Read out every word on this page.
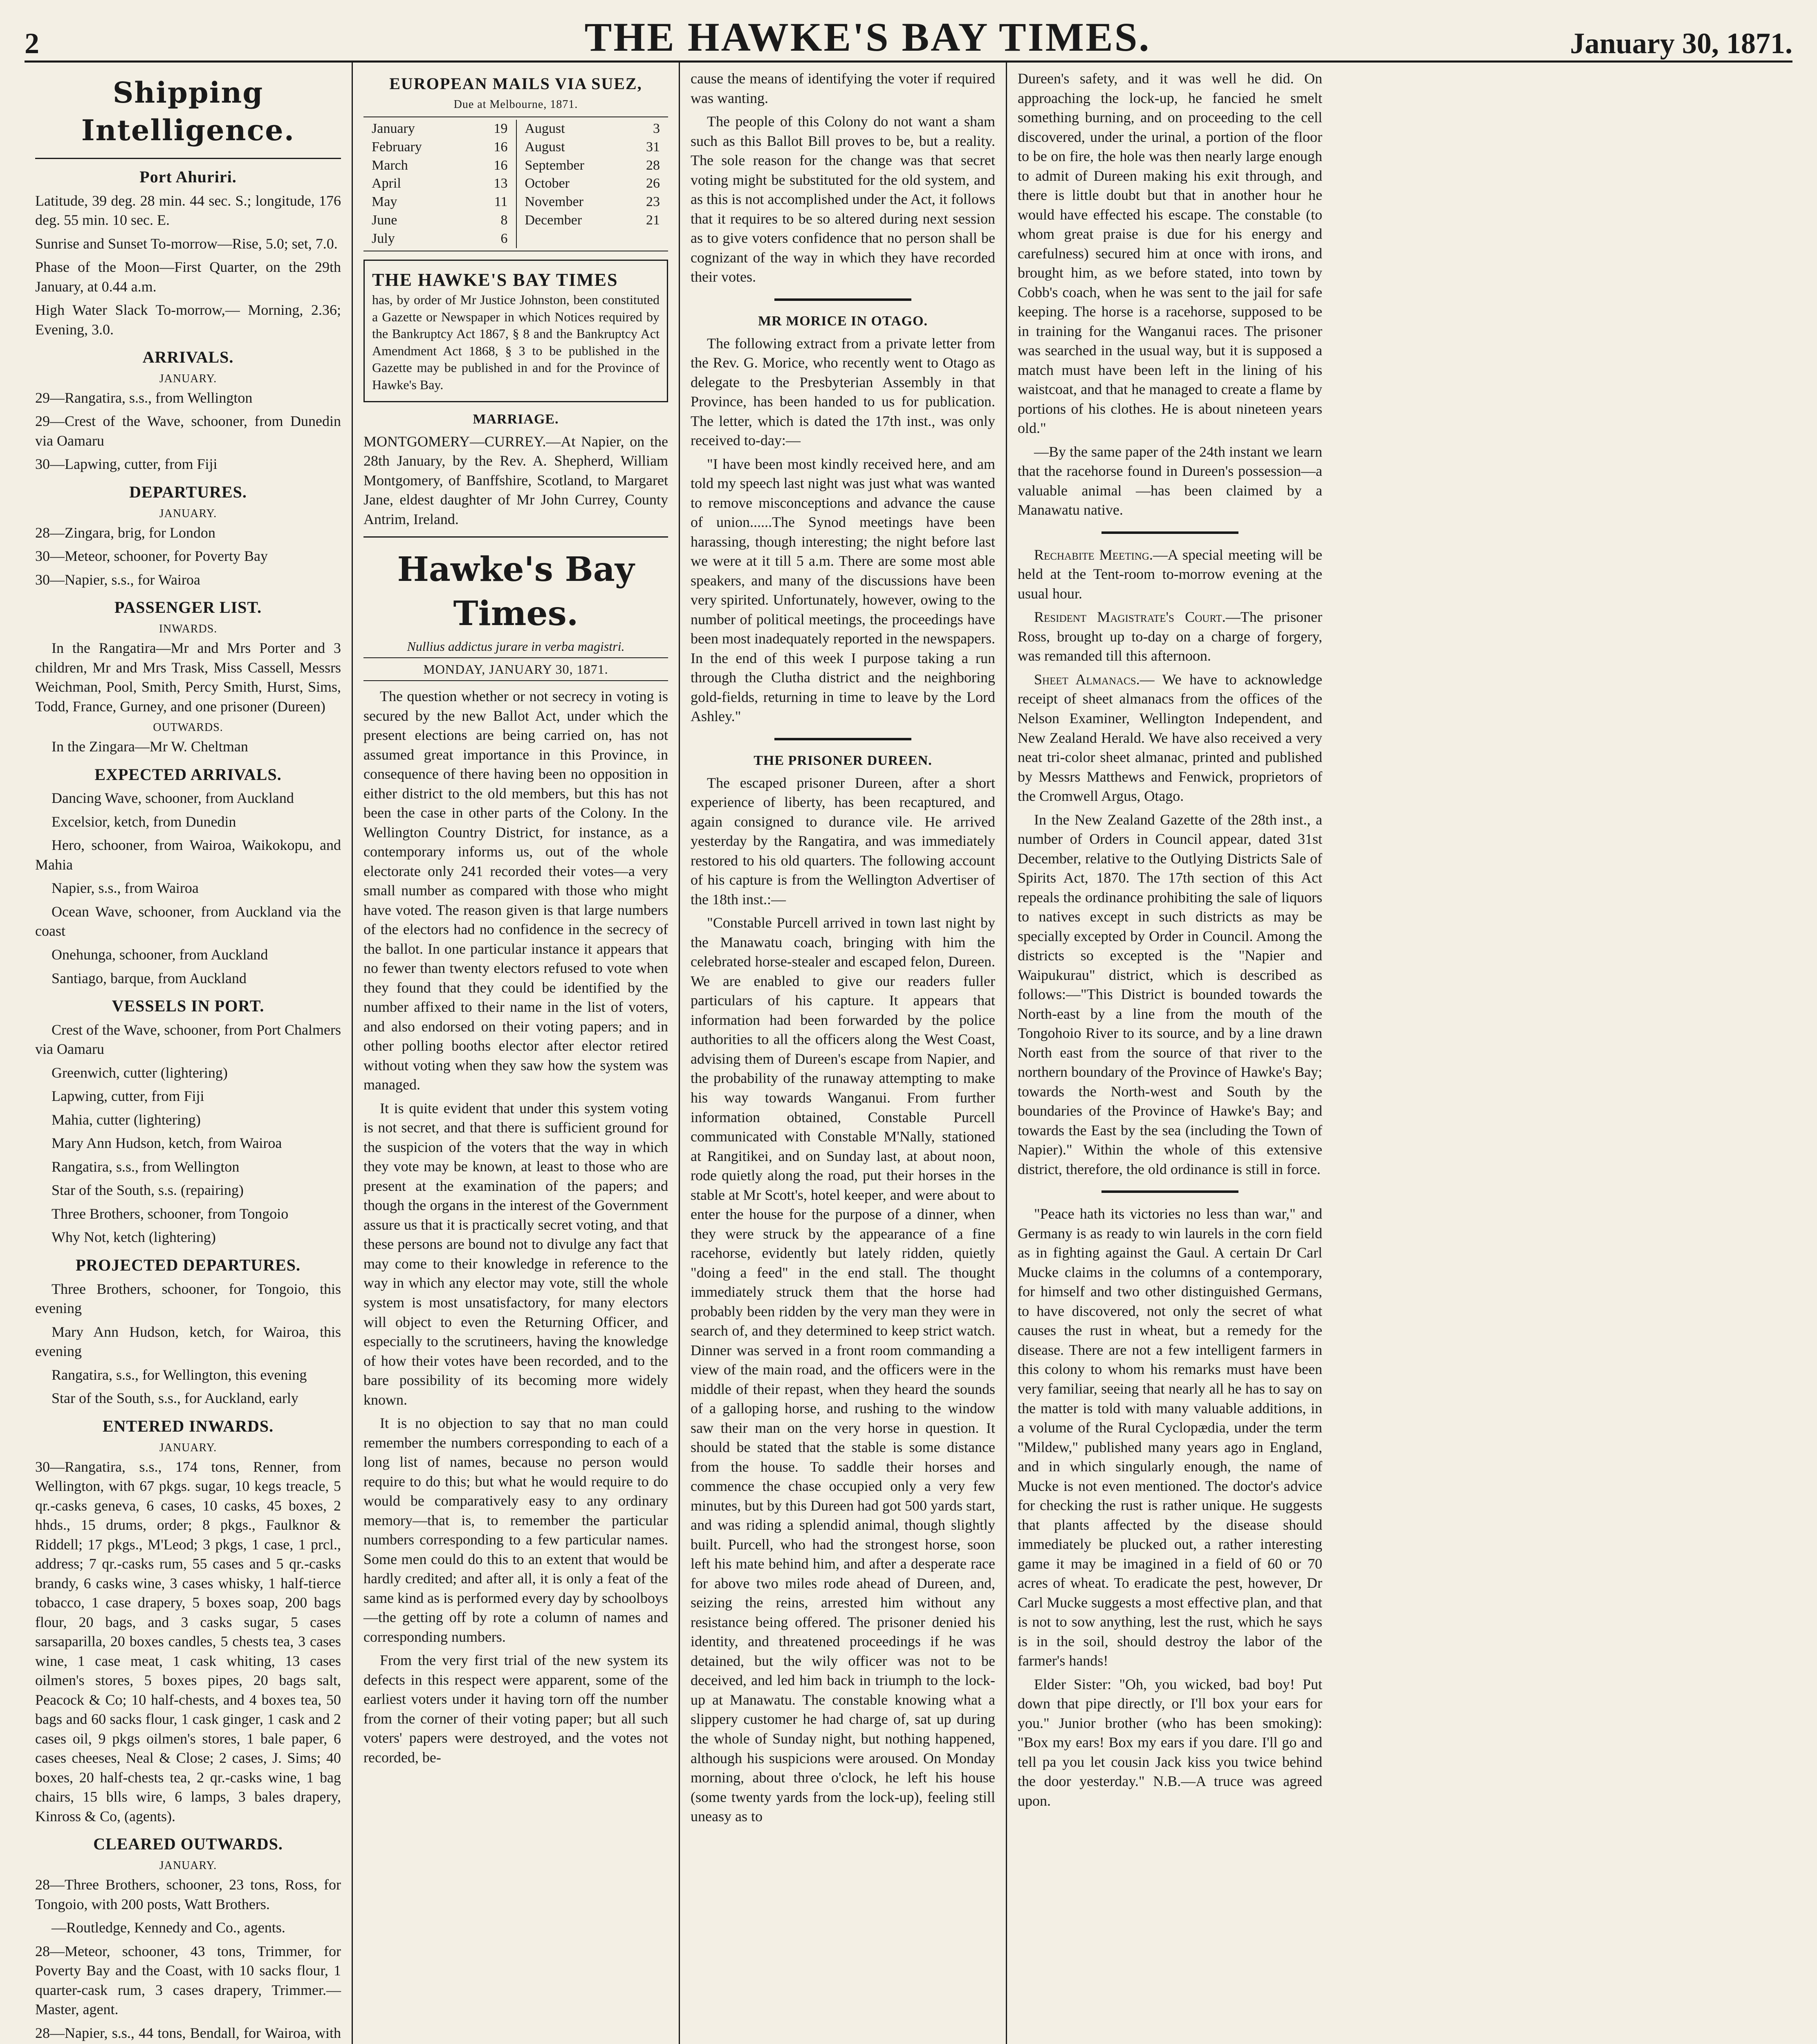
2	THE HAWKE'S BAY TIMES.	January 30, 1871.
Shipping Intelligence.
Port Ahuriri.

Latitude, 39 deg. 28 min. 44 sec. S.; longitude, 176 deg. 55 min. 10 sec. E.

Sunrise and Sunset To-morrow—Rise, 5.0; set, 7.0.

Phase of the Moon—First Quarter, on the 29th January, at 0.44 a.m.

High Water Slack To-morrow,— Morning, 2.36; Evening, 3.0.

ARRIVALS.
JANUARY.

29—Rangatira, s.s., from Wellington

29—Crest of the Wave, schooner, from Dunedin via Oamaru

30—Lapwing, cutter, from Fiji

DEPARTURES.
JANUARY.

28—Zingara, brig, for London

30—Meteor, schooner, for Poverty Bay

30—Napier, s.s., for Wairoa

PASSENGER LIST.
INWARDS.

In the Rangatira—Mr and Mrs Porter and 3 children, Mr and Mrs Trask, Miss Cassell, Messrs Weichman, Pool, Smith, Percy Smith, Hurst, Sims, Todd, France, Gurney, and one prisoner (Dureen)

OUTWARDS.

In the Zingara—Mr W. Cheltman

EXPECTED ARRIVALS.

Dancing Wave, schooner, from Auckland

Excelsior, ketch, from Dunedin

Hero, schooner, from Wairoa, Waikokopu, and Mahia

Napier, s.s., from Wairoa

Ocean Wave, schooner, from Auckland via the coast

Onehunga, schooner, from Auckland

Santiago, barque, from Auckland

VESSELS IN PORT.

Crest of the Wave, schooner, from Port Chalmers via Oamaru

Greenwich, cutter (lightering)

Lapwing, cutter, from Fiji

Mahia, cutter (lightering)

Mary Ann Hudson, ketch, from Wairoa

Rangatira, s.s., from Wellington

Star of the South, s.s. (repairing)

Three Brothers, schooner, from Tongoio

Why Not, ketch (lightering)

PROJECTED DEPARTURES.

Three Brothers, schooner, for Tongoio, this evening

Mary Ann Hudson, ketch, for Wairoa, this evening

Rangatira, s.s., for Wellington, this evening

Star of the South, s.s., for Auckland, early

ENTERED INWARDS.
JANUARY.

30—Rangatira, s.s., 174 tons, Renner, from Wellington, with 67 pkgs. sugar, 10 kegs treacle, 5 qr.-casks geneva, 6 cases, 10 casks, 45 boxes, 2 hhds., 15 drums, order; 8 pkgs., Faulknor & Riddell; 17 pkgs., M'Leod; 3 pkgs, 1 case, 1 prcl., address; 7 qr.-casks rum, 55 cases and 5 qr.-casks brandy, 6 casks wine, 3 cases whisky, 1 half-tierce tobacco, 1 case drapery, 5 boxes soap, 200 bags flour, 20 bags, and 3 casks sugar, 5 cases sarsaparilla, 20 boxes candles, 5 chests tea, 3 cases wine, 1 case meat, 1 cask whiting, 13 cases oilmen's stores, 5 boxes pipes, 20 bags salt, Peacock & Co; 10 half-chests, and 4 boxes tea, 50 bags and 60 sacks flour, 1 cask ginger, 1 cask and 2 cases oil, 9 pkgs oilmen's stores, 1 bale paper, 6 cases cheeses, Neal & Close; 2 cases, J. Sims; 40 boxes, 20 half-chests tea, 2 qr.-casks wine, 1 bag chairs, 15 blls wire, 6 lamps, 3 bales drapery, Kinross & Co, (agents).

CLEARED OUTWARDS.
JANUARY.

28—Three Brothers, schooner, 23 tons, Ross, for Tongoio, with 200 posts, Watt Brothers.

—Routledge, Kennedy and Co., agents.

28—Meteor, schooner, 43 tons, Trimmer, for Poverty Bay and the Coast, with 10 sacks flour, 1 quarter-cask rum, 3 cases drapery, Trimmer.—Master, agent.

28—Napier, s.s., 44 tons, Bendall, for Wairoa, with

EUROPEAN MAILS VIA SUEZ,
Due at Melbourne, 1871.
January	19
February	16
March	16
April	13
May	11
June	8
July	6
August	3
August	31
September	28
October	26
November	23
December	21
THE HAWKE'S BAY TIMES
has, by order of Mr Justice Johnston, been constituted a Gazette or Newspaper in which Notices required by the Bankruptcy Act 1867, § 8 and the Bankruptcy Act Amendment Act 1868, § 3 to be published in the Gazette may be published in and for the Province of Hawke's Bay.
MARRIAGE.

MONTGOMERY—CURREY.—At Napier, on the 28th January, by the Rev. A. Shepherd, William Montgomery, of Banffshire, Scotland, to Margaret Jane, eldest daughter of Mr John Currey, County Antrim, Ireland.

Hawke's Bay Times.
Nullius addictus jurare in verba magistri.
MONDAY, JANUARY 30, 1871.

The question whether or not secrecy in voting is secured by the new Ballot Act, under which the present elections are being carried on, has not assumed great importance in this Province, in consequence of there having been no opposition in either district to the old members, but this has not been the case in other parts of the Colony. In the Wellington Country District, for instance, as a contemporary informs us, out of the whole electorate only 241 recorded their votes—a very small number as compared with those who might have voted. The reason given is that large numbers of the electors had no confidence in the secrecy of the ballot. In one particular instance it appears that no fewer than twenty electors refused to vote when they found that they could be identified by the number affixed to their name in the list of voters, and also endorsed on their voting papers; and in other polling booths elector after elector retired without voting when they saw how the system was managed.

It is quite evident that under this system voting is not secret, and that there is sufficient ground for the suspicion of the voters that the way in which they vote may be known, at least to those who are present at the examination of the papers; and though the organs in the interest of the Government assure us that it is practically secret voting, and that these persons are bound not to divulge any fact that may come to their knowledge in reference to the way in which any elector may vote, still the whole system is most unsatisfactory, for many electors will object to even the Returning Officer, and especially to the scrutineers, having the knowledge of how their votes have been recorded, and to the bare possibility of its becoming more widely known.

It is no objection to say that no man could remember the numbers corresponding to each of a long list of names, because no person would require to do this; but what he would require to do would be comparatively easy to any ordinary memory—that is, to remember the particular numbers corresponding to a few particular names. Some men could do this to an extent that would be hardly credited; and after all, it is only a feat of the same kind as is performed every day by schoolboys —the getting off by rote a column of names and corresponding numbers.

From the very first trial of the new system its defects in this respect were apparent, some of the earliest voters under it having torn off the number from the corner of their voting paper; but all such voters' papers were destroyed, and the votes not recorded, be-

cause the means of identifying the voter if required was wanting.

The people of this Colony do not want a sham such as this Ballot Bill proves to be, but a reality. The sole reason for the change was that secret voting might be substituted for the old system, and as this is not accomplished under the Act, it follows that it requires to be so altered during next session as to give voters confidence that no person shall be cognizant of the way in which they have recorded their votes.

MR MORICE IN OTAGO.

The following extract from a private letter from the Rev. G. Morice, who recently went to Otago as delegate to the Presbyterian Assembly in that Province, has been handed to us for publication. The letter, which is dated the 17th inst., was only received to-day:—

"I have been most kindly received here, and am told my speech last night was just what was wanted to remove misconceptions and advance the cause of union......The Synod meetings have been harassing, though interesting; the night before last we were at it till 5 a.m. There are some most able speakers, and many of the discussions have been very spirited. Unfortunately, however, owing to the number of political meetings, the proceedings have been most inadequately reported in the newspapers. In the end of this week I purpose taking a run through the Clutha district and the neighboring gold-fields, returning in time to leave by the Lord Ashley."

THE PRISONER DUREEN.

The escaped prisoner Dureen, after a short experience of liberty, has been recaptured, and again consigned to durance vile. He arrived yesterday by the Rangatira, and was immediately restored to his old quarters. The following account of his capture is from the Wellington Advertiser of the 18th inst.:—

"Constable Purcell arrived in town last night by the Manawatu coach, bringing with him the celebrated horse-stealer and escaped felon, Dureen. We are enabled to give our readers fuller particulars of his capture. It appears that information had been forwarded by the police authorities to all the officers along the West Coast, advising them of Dureen's escape from Napier, and the probability of the runaway attempting to make his way towards Wanganui. From further information obtained, Constable Purcell communicated with Constable M'Nally, stationed at Rangitikei, and on Sunday last, at about noon, rode quietly along the road, put their horses in the stable at Mr Scott's, hotel keeper, and were about to enter the house for the purpose of a dinner, when they were struck by the appearance of a fine racehorse, evidently but lately ridden, quietly "doing a feed" in the end stall. The thought immediately struck them that the horse had probably been ridden by the very man they were in search of, and they determined to keep strict watch. Dinner was served in a front room commanding a view of the main road, and the officers were in the middle of their repast, when they heard the sounds of a galloping horse, and rushing to the window saw their man on the very horse in question. It should be stated that the stable is some distance from the house. To saddle their horses and commence the chase occupied only a very few minutes, but by this Dureen had got 500 yards start, and was riding a splendid animal, though slightly built. Purcell, who had the strongest horse, soon left his mate behind him, and after a desperate race for above two miles rode ahead of Dureen, and, seizing the reins, arrested him without any resistance being offered. The prisoner denied his identity, and threatened proceedings if he was detained, but the wily officer was not to be deceived, and led him back in triumph to the lock-up at Manawatu. The constable knowing what a slippery customer he had charge of, sat up during the whole of Sunday night, but nothing happened, although his suspicions were aroused. On Monday morning, about three o'clock, he left his house (some twenty yards from the lock-up), feeling still uneasy as to

Dureen's safety, and it was well he did. On approaching the lock-up, he fancied he smelt something burning, and on proceeding to the cell discovered, under the urinal, a portion of the floor to be on fire, the hole was then nearly large enough to admit of Dureen making his exit through, and there is little doubt but that in another hour he would have effected his escape. The constable (to whom great praise is due for his energy and carefulness) secured him at once with irons, and brought him, as we before stated, into town by Cobb's coach, when he was sent to the jail for safe keeping. The horse is a racehorse, supposed to be in training for the Wanganui races. The prisoner was searched in the usual way, but it is supposed a match must have been left in the lining of his waistcoat, and that he managed to create a flame by portions of his clothes. He is about nineteen years old."

—By the same paper of the 24th instant we learn that the racehorse found in Dureen's possession—a valuable animal —has been claimed by a Manawatu native.

Rechabite Meeting.—A special meeting will be held at the Tent-room to-morrow evening at the usual hour.

Resident Magistrate's Court.—The prisoner Ross, brought up to-day on a charge of forgery, was remanded till this afternoon.

Sheet Almanacs.— We have to acknowledge receipt of sheet almanacs from the offices of the Nelson Examiner, Wellington Independent, and New Zealand Herald. We have also received a very neat tri-color sheet almanac, printed and published by Messrs Matthews and Fenwick, proprietors of the Cromwell Argus, Otago.

In the New Zealand Gazette of the 28th inst., a number of Orders in Council appear, dated 31st December, relative to the Outlying Districts Sale of Spirits Act, 1870. The 17th section of this Act repeals the ordinance prohibiting the sale of liquors to natives except in such districts as may be specially excepted by Order in Council. Among the districts so excepted is the "Napier and Waipukurau" district, which is described as follows:—"This District is bounded towards the North-east by a line from the mouth of the Tongohoio River to its source, and by a line drawn North east from the source of that river to the northern boundary of the Province of Hawke's Bay; towards the North-west and South by the boundaries of the Province of Hawke's Bay; and towards the East by the sea (including the Town of Napier)." Within the whole of this extensive district, therefore, the old ordinance is still in force.

"Peace hath its victories no less than war," and Germany is as ready to win laurels in the corn field as in fighting against the Gaul. A certain Dr Carl Mucke claims in the columns of a contemporary, for himself and two other distinguished Germans, to have discovered, not only the secret of what causes the rust in wheat, but a remedy for the disease. There are not a few intelligent farmers in this colony to whom his remarks must have been very familiar, seeing that nearly all he has to say on the matter is told with many valuable additions, in a volume of the Rural Cyclopædia, under the term "Mildew," published many years ago in England, and in which singularly enough, the name of Mucke is not even mentioned. The doctor's advice for checking the rust is rather unique. He suggests that plants affected by the disease should immediately be plucked out, a rather interesting game it may be imagined in a field of 60 or 70 acres of wheat. To eradicate the pest, however, Dr Carl Mucke suggests a most effective plan, and that is not to sow anything, lest the rust, which he says is in the soil, should destroy the labor of the farmer's hands!

Elder Sister: "Oh, you wicked, bad boy! Put down that pipe directly, or I'll box your ears for you." Junior brother (who has been smoking): "Box my ears! Box my ears if you dare. I'll go and tell pa you let cousin Jack kiss you twice behind the door yesterday." N.B.—A truce was agreed upon.
